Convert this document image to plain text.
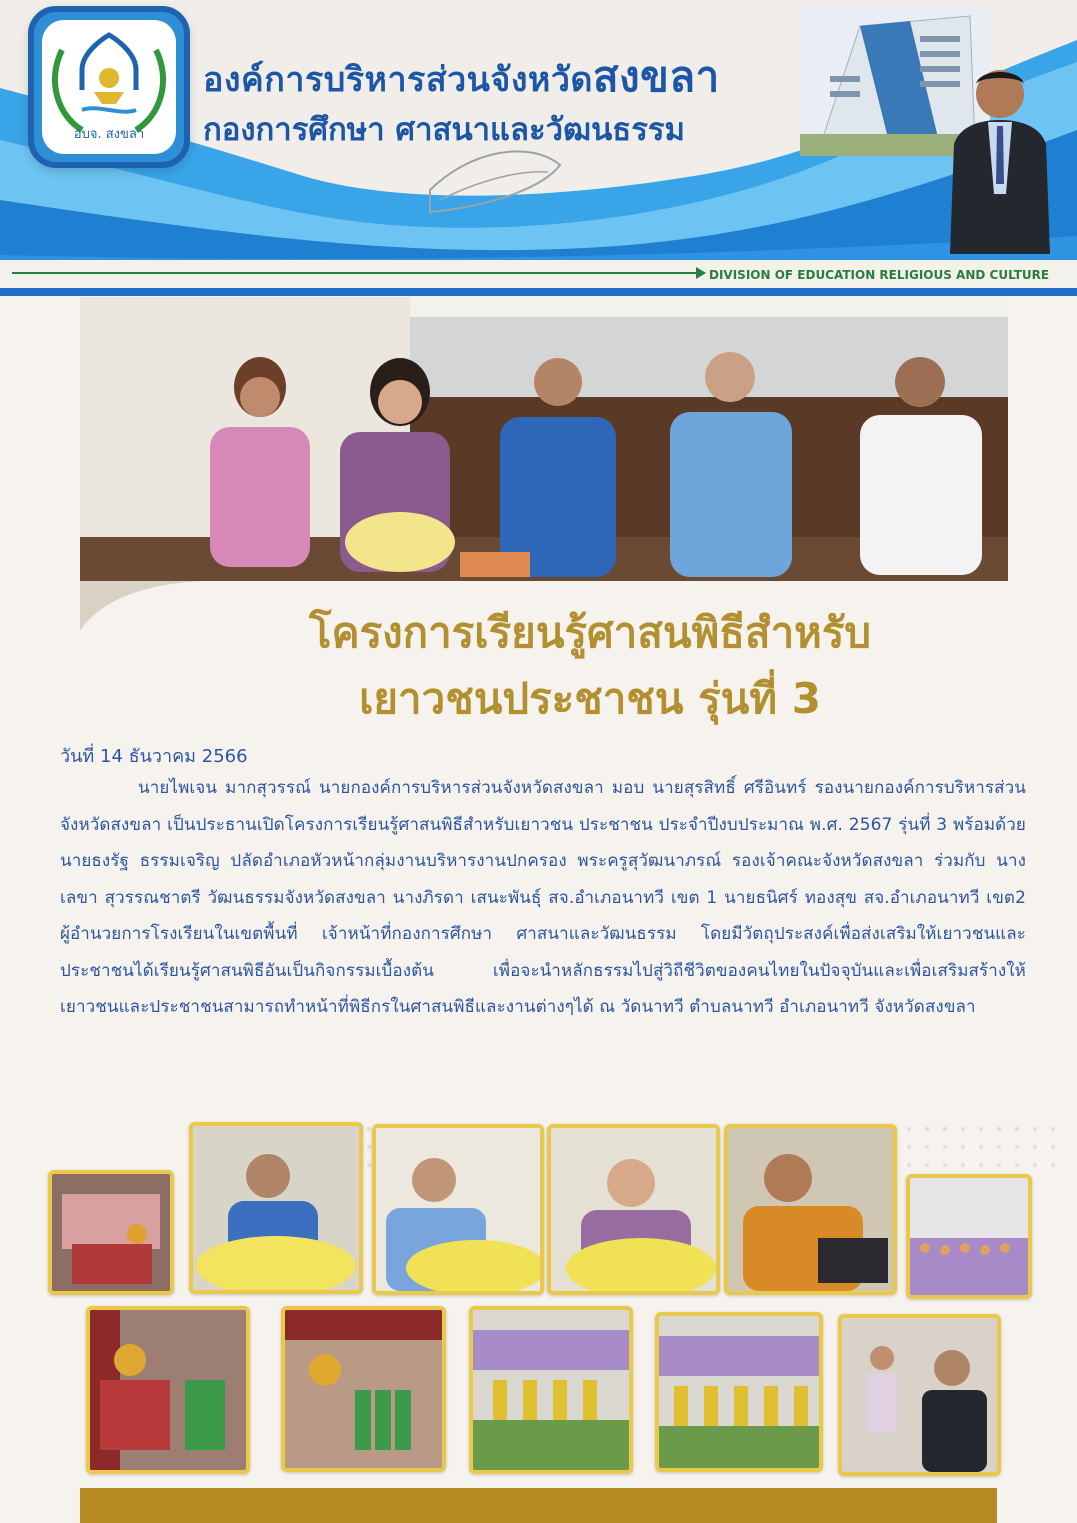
อบจ. สงขลา
องค์การบริหารส่วนจังหวัดสงขลา
กองการศึกษา ศาสนาและวัฒนธรรม
DIVISION OF EDUCATION RELIGIOUS AND CULTURE
โครงการเรียนรู้ศาสนพิธีสำหรับ
เยาวชนประชาชน รุ่นที่ 3
วันที่ 14 ธันวาคม 2566
นายไพเจน มากสุวรรณ์ นายกองค์การบริหารส่วนจังหวัดสงขลา มอบ นายสุรสิทธิ์ ศรีอินทร์ รองนายกองค์การบริหารส่วนจังหวัดสงขลา เป็นประธานเปิดโครงการเรียนรู้ศาสนพิธีสำหรับเยาวชน ประชาชน ประจำปีงบประมาณ พ.ศ. 2567 รุ่นที่ 3 พร้อมด้วย นายธงรัฐ ธรรมเจริญ ปลัดอำเภอหัวหน้ากลุ่มงานบริหารงานปกครอง พระครูสุวัฒนาภรณ์ รองเจ้าคณะจังหวัดสงขลา ร่วมกับ นางเลขา สุวรรณชาตรี วัฒนธรรมจังหวัดสงขลา นางภิรดา เสนะพันธุ์ สจ.อำเภอนาทวี เขต 1 นายธนิศร์ ทองสุข สจ.อำเภอนาทวี เขต2 ผู้อำนวยการโรงเรียนในเขตพื้นที่ เจ้าหน้าที่กองการศึกษา ศาสนาและวัฒนธรรม โดยมีวัตถุประสงค์เพื่อส่งเสริมให้เยาวชนและประชาชนได้เรียนรู้ศาสนพิธีอันเป็นกิจกรรมเบื้องต้น เพื่อจะนำหลักธรรมไปสู่วิถีชีวิตของคนไทยในปัจจุบันและเพื่อเสริมสร้างให้เยาวชนและประชาชนสามารถทำหน้าที่พิธีกรในศาสนพิธีและงานต่างๆได้ ณ วัดนาทวี ตำบลนาทวี อำเภอนาทวี จังหวัดสงขลา
